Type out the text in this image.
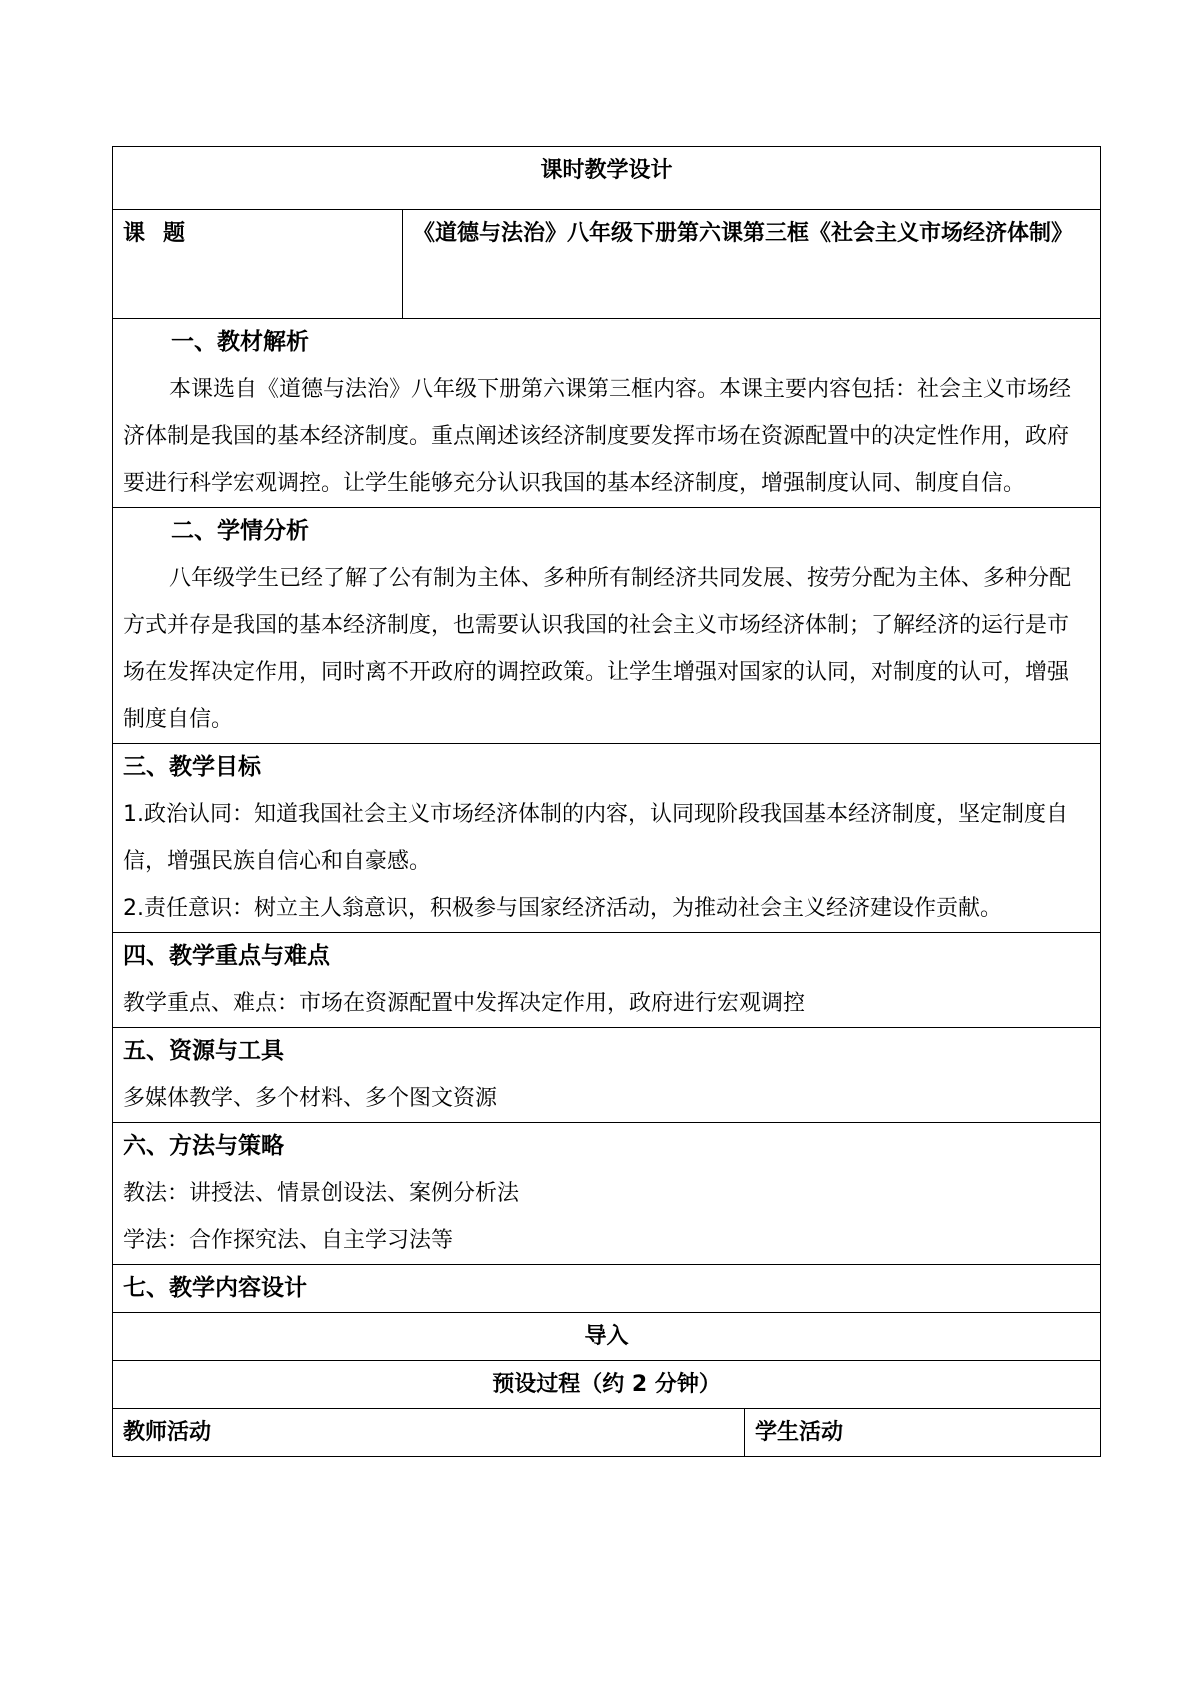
课时教学设计		
课 题	《道德与法治》八年级下册第六课第三框《社会主义市场经济体制》	

一、教材解析

本课选自《道德与法治》八年级下册第六课第三框内容。本课主要内容包括：社会主义市场经济体制是我国的基本经济制度。重点阐述该经济制度要发挥市场在资源配置中的决定性作用，政府要进行科学宏观调控。让学生能够充分认识我国的基本经济制度，增强制度认同、制度自信。		

二、学情分析

八年级学生已经了解了公有制为主体、多种所有制经济共同发展、按劳分配为主体、多种分配方式并存是我国的基本经济制度，也需要认识我国的社会主义市场经济体制；了解经济的运行是市场在发挥决定作用，同时离不开政府的调控政策。让学生增强对国家的认同，对制度的认可，增强制度自信。		

三、教学目标

1.政治认同：知道我国社会主义市场经济体制的内容，认同现阶段我国基本经济制度，坚定制度自信，增强民族自信心和自豪感。

2.责任意识：树立主人翁意识，积极参与国家经济活动，为推动社会主义经济建设作贡献。		

四、教学重点与难点

教学重点、难点：市场在资源配置中发挥决定作用，政府进行宏观调控		

五、资源与工具

多媒体教学、多个材料、多个图文资源		

六、方法与策略

教法：讲授法、情景创设法、案例分析法

学法：合作探究法、自主学习法等		

七、教学内容设计		

导入		
预设过程（约 2 分钟）		
教师活动		学生活动
